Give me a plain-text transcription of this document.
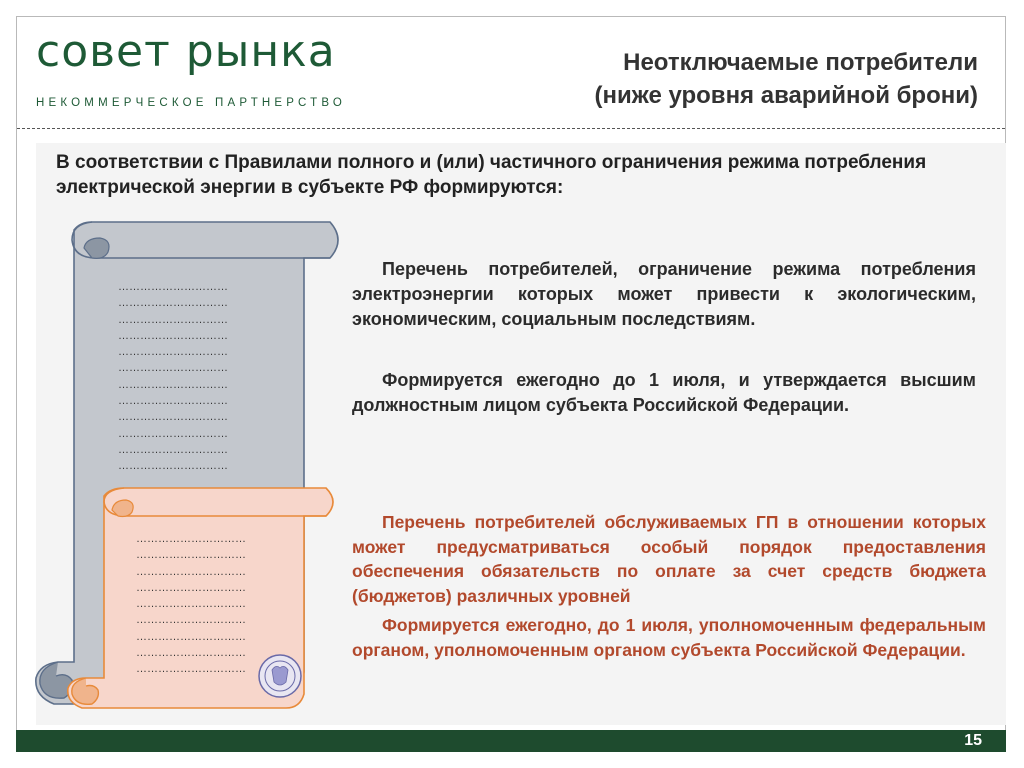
совет рынка
НЕКОММЕРЧЕСКОЕ ПАРТНЕРСТВО
Неотключаемые потребители
(ниже уровня аварийной брони)
В соответствии с Правилами полного и (или) частичного ограничения режима потребления электрической энергии в субъекте РФ формируются:
…………………………
…………………………
…………………………
…………………………
…………………………
…………………………
…………………………
…………………………
…………………………
…………………………
…………………………
…………………………
…………………………
…………………………
…………………………
…………………………
…………………………
…………………………
…………………………
…………………………
…………………………

Перечень потребителей, ограничение режима потребления электроэнергии которых может привести к экологическим, экономическим, социальным последствиям.

Формируется ежегодно до 1 июля, и утверждается высшим должностным лицом субъекта Российской Федерации.

Перечень потребителей обслуживаемых ГП в отношении которых может предусматриваться особый порядок предоставления обеспечения обязательств по оплате за счет средств бюджета (бюджетов) различных уровней

Формируется ежегодно, до 1 июля, уполномоченным федеральным органом, уполномоченным органом субъекта Российской Федерации.

15
